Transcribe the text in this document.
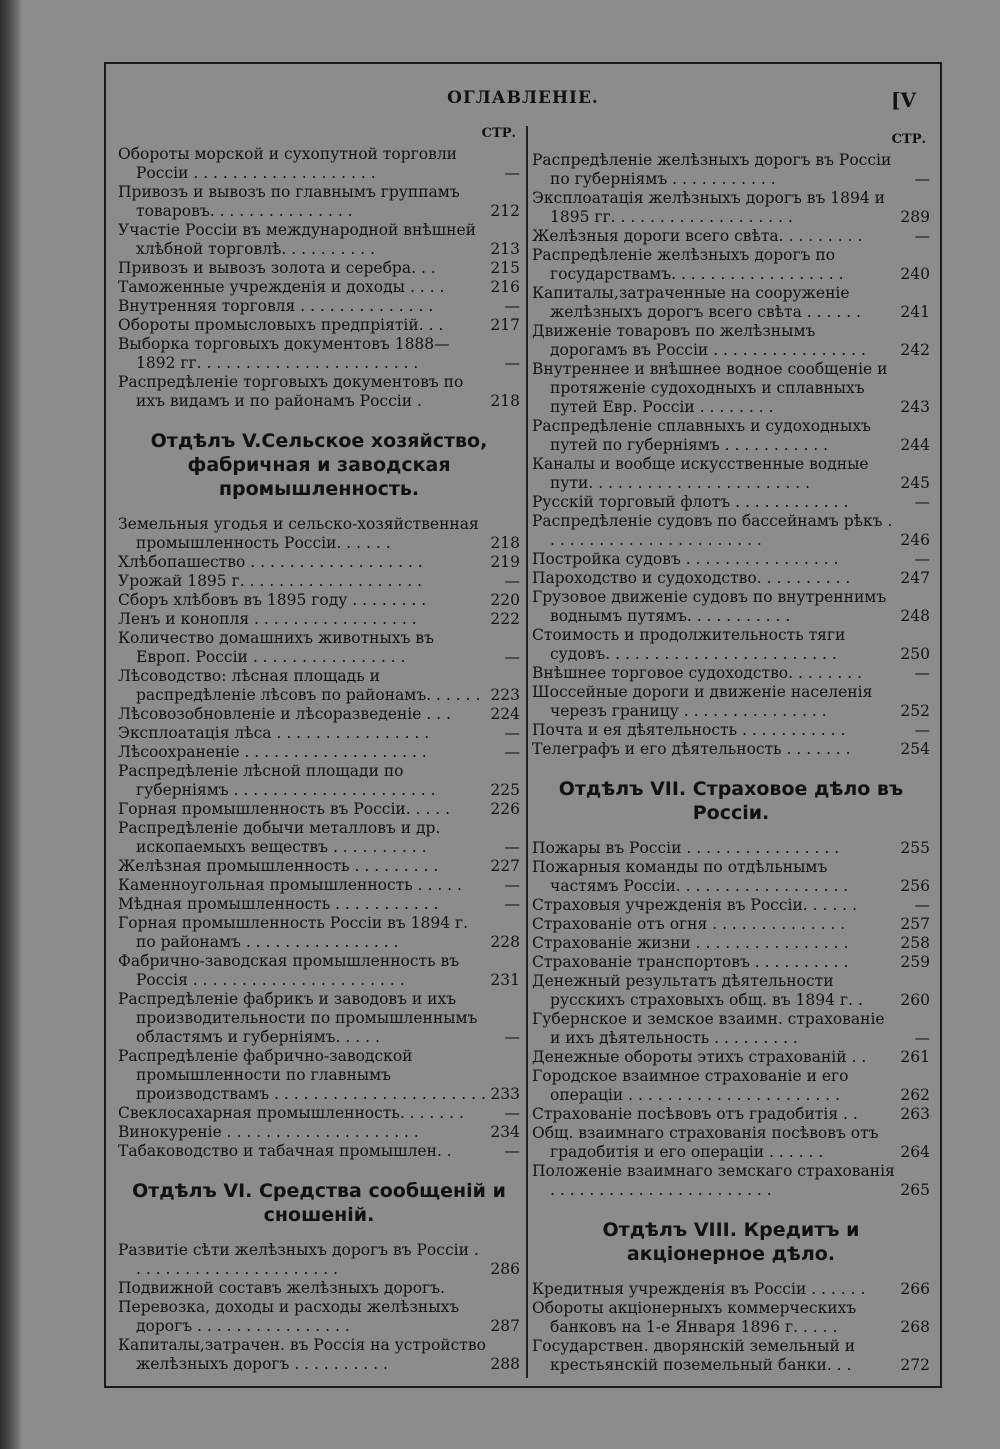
ОГЛАВЛЕНІЕ.	[V
СТР.
Обороты морской и сухопутной торговли Россіи . . . . . . . . . . . . . . . . . . .	—
Привозъ и вывозъ по главнымъ группамъ товаровъ. . . . . . . . . . . . . . .	212
Участіе Россіи въ международной внѣшней хлѣбной торговлѣ. . . . . . . . . .	213
Привозъ и вывозъ золота и серебра. . .	215
Таможенные учрежденія и доходы . . . .	216
Внутренняя торговля . . . . . . . . . . . . . .	—
Обороты промысловыхъ предпріятій. . .	217
Выборка торговыхъ документовъ 1888—1892 гг. . . . . . . . . . . . . . . . . . . . . . .	—
Распредѣленіе торговыхъ документовъ по ихъ видамъ и по районамъ Россіи .	218
Отдѣлъ V.Сельское хозяйство, фабричная и заводская промышленность.
Земельныя угодья и сельско-хозяйственная промышленность Россіи. . . . . .	218
Хлѣбопашество . . . . . . . . . . . . . . . . . .	219
Урожай 1895 г. . . . . . . . . . . . . . . . . . .	—
Сборъ хлѣбовъ въ 1895 году . . . . . . . .	220
Ленъ и конопля . . . . . . . . . . . . . . . . .	222
Количество домашнихъ животныхъ въ Европ. Россіи . . . . . . . . . . . . . . . .	—
Лѣсоводство: лѣсная площадь и распредѣленіе лѣсовъ по районамъ. . . . . . 223
Лѣсовозобновленіе и лѣсоразведеніе . . .	224
Эксплоатація лѣса . . . . . . . . . . . . . . . .	—
Лѣсоохраненіе . . . . . . . . . . . . . . . . . . .	—
Распредѣленіе лѣсной площади по губерніямъ . . . . . . . . . . . . . . . . . . . . .	225
Горная промышленность въ Россіи. . . . .	226
Распредѣленіе добычи металловъ и др. ископаемыхъ веществъ . . . . . . . . . .	—
Желѣзная промышленность . . . . . . . . .	227
Каменноугольная промышленность . . . . .	—
Мѣдная промышленность . . . . . . . . . . .	—
Горная промышленность Россіи въ 1894 г. по районамъ . . . . . . . . . . . . . . . .	228
Фабрично-заводская промышленность въ Россія . . . . . . . . . . . . . . . . . . . . . .	231
Распредѣленіе фабрикъ и заводовъ и ихъ производительности по промышленнымъ областямъ и губерніямъ. . . . .	—
Распредѣленіе фабрично-заводской промышленности по главнымъ производствамъ . . . . . . . . . . . . . . . . . . . . . . 233
Свеклосахарная промышленность. . . . . . .	—
Винокуреніе . . . . . . . . . . . . . . . . . . . .	234
Табаководство и табачная промышлен. .	—
Отдѣлъ VI. Средства сообщеній и сношеній.
Развитіе сѣти желѣзныхъ дорогъ въ Россіи . . . . . . . . . . . . . . . . . . . . . .	286
Подвижной составъ желѣзныхъ дорогъ.
Перевозка, доходы и расходы желѣзныхъ дорогъ . . . . . . . . . . . . . . . .	287
Капиталы,затрачен. въ Россія на устройство желѣзныхъ дорогъ . . . . . . . . . .	288
СТР.
Распредѣленіе желѣзныхъ дорогъ въ Россіи по губерніямъ . . . . . . . . . . .	—
Эксплоатація желѣзныхъ дорогъ въ 1894 и 1895 гг. . . . . . . . . . . . . . . . . . .	289
Желѣзныя дороги всего свѣта. . . . . . . . .	—
Распредѣленіе желѣзныхъ дорогъ по государствамъ. . . . . . . . . . . . . . . . . .	240
Капиталы,затраченные на сооруженіе желѣзныхъ дорогъ всего свѣта . . . . . .	241
Движеніе товаровъ по желѣзнымъ дорогамъ въ Россіи . . . . . . . . . . . . . . . .	242
Внутреннее и внѣшнее водное сообщеніе и протяженіе судоходныхъ и сплавныхъ путей Евр. Россіи . . . . . . . .	243
Распредѣленіе сплавныхъ и судоходныхъ путей по губерніямъ . . . . . . . . . . .	244
Каналы и вообще искусственные водные пути. . . . . . . . . . . . . . . . . . . . . . .	245
Русскій торговый флотъ . . . . . . . . . . . .	—
Распредѣленіе судовъ по бассейнамъ рѣкъ . . . . . . . . . . . . . . . . . . . . . . .	246
Постройка судовъ . . . . . . . . . . . . . . . .	—
Пароходство и судоходство. . . . . . . . . .	247
Грузовое движеніе судовъ по внутреннимъ воднымъ путямъ. . . . . . . . . . .	248
Стоимость и продолжительность тяги судовъ. . . . . . . . . . . . . . . . . . . . . . . .	250
Внѣшнее торговое судоходство. . . . . . . .	—
Шоссейные дороги и движеніе населенія черезъ границу . . . . . . . . . . . . . . .	252
Почта и ея дѣятельность . . . . . . . . . . .	—
Телеграфъ и его дѣятельность . . . . . . .	254
Отдѣлъ VII. Страховое дѣло въ Россіи.
Пожары въ Россіи . . . . . . . . . . . . . . . .	255
Пожарныя команды по отдѣльнымъ частямъ Россіи. . . . . . . . . . . . . . . . . .	256
Страховыя учрежденія въ Россіи. . . . . .	—
Страхованіе отъ огня . . . . . . . . . . . . . .	257
Страхованіе жизни . . . . . . . . . . . . . . . .	258
Страхованіе транспортовъ . . . . . . . . . .	259
Денежный результатъ дѣятельности русскихъ страховыхъ общ. въ 1894 г. .	260
Губернское и земское взаимн. страхованіе и ихъ дѣятельность . . . . . . . . .	—
Денежные обороты этихъ страхованій . .	261
Городское взаимное страхованіе и его операціи . . . . . . . . . . . . . . . . . . . . . .	262
Страхованіе посѣвовъ отъ градобитія . .	263
Общ. взаимнаго страхованія посѣвовъ отъ градобитія и его операціи . . . . . .	264
Положеніе взаимнаго земскаго страхованія . . . . . . . . . . . . . . . . . . . . . . .	265
Отдѣлъ VIII. Кредитъ и акціонерное дѣло.
Кредитныя учрежденія въ Россіи . . . . . .	266
Обороты акціонерныхъ коммерческихъ банковъ на 1-е Января 1896 г. . . . .	268
Государствен. дворянскій земельный и крестьянскій поземельный банки. . .	272
